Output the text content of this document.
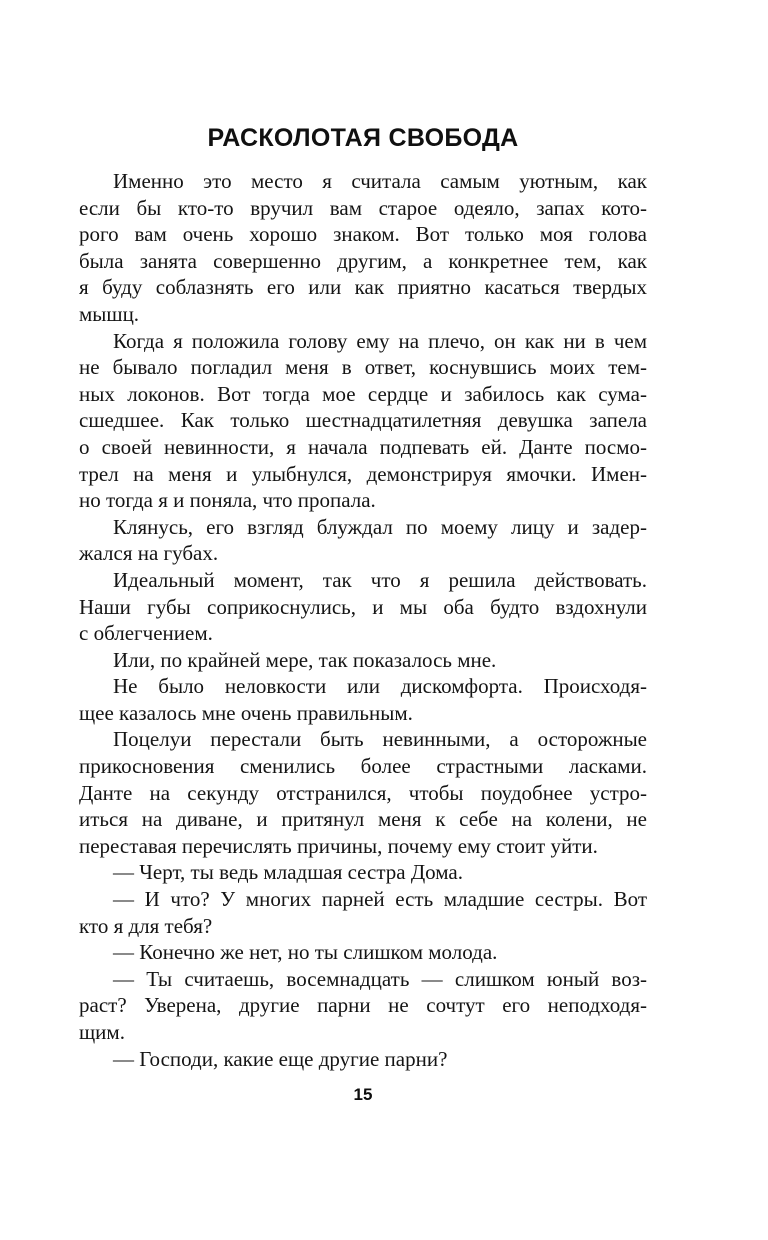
РАСКОЛОТАЯ СВОБОДА

Именно это место я считала самым уютным, как
если бы кто-то вручил вам старое одеяло, запах кото-
рого вам очень хорошо знаком. Вот только моя голова
была занята совершенно другим, а конкретнее тем, как
я буду соблазнять его или как приятно касаться твердых
мышц.

Когда я положила голову ему на плечо, он как ни в чем
не бывало погладил меня в ответ, коснувшись моих тем-
ных локонов. Вот тогда мое сердце и забилось как сума-
сшедшее. Как только шестнадцатилетняя девушка запела
о своей невинности, я начала подпевать ей. Данте посмо-
трел на меня и улыбнулся, демонстрируя ямочки. Имен-
но тогда я и поняла, что пропала.

Клянусь, его взгляд блуждал по моему лицу и задер-
жался на губах.

Идеальный момент, так что я решила действовать.
Наши губы соприкоснулись, и мы оба будто вздохнули
с облегчением.

Или, по крайней мере, так показалось мне.

Не было неловкости или дискомфорта. Происходя-
щее казалось мне очень правильным.

Поцелуи перестали быть невинными, а осторожные
прикосновения сменились более страстными ласками.
Данте на секунду отстранился, чтобы поудобнее устро-
иться на диване, и притянул меня к себе на колени, не
переставая перечислять причины, почему ему стоит уйти.

— Черт, ты ведь младшая сестра Дома.

— И что? У многих парней есть младшие сестры. Вот
кто я для тебя?

— Конечно же нет, но ты слишком молода.

— Ты считаешь, восемнадцать — слишком юный воз-
раст? Уверена, другие парни не сочтут его неподходя-
щим.

— Господи, какие еще другие парни?

15
